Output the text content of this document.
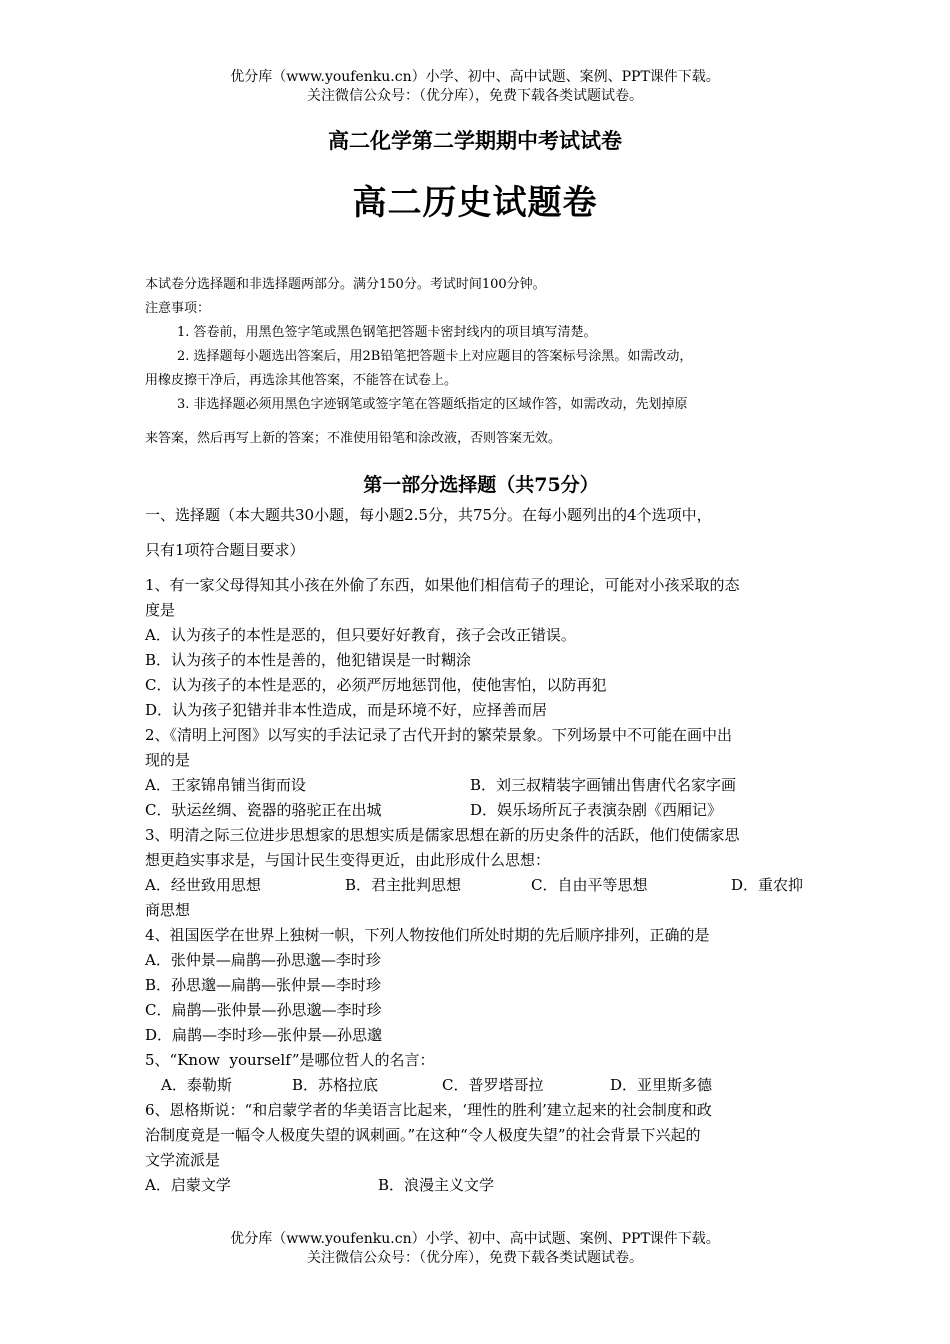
优分库（www.youfenku.cn）小学、初中、高中试题、案例、PPT课件下载。
关注微信公众号：（优分库），免费下载各类试题试卷。
高二化学第二学期期中考试试卷
高二历史试题卷
本试卷分选择题和非选择题两部分。满分150分。考试时间100分钟。
注意事项：
1. 答卷前，用黑色签字笔或黑色钢笔把答题卡密封线内的项目填写清楚。
2. 选择题每小题选出答案后，用2B铅笔把答题卡上对应题目的答案标号涂黑。如需改动，
用橡皮擦干净后，再选涂其他答案，不能答在试卷上。
3. 非选择题必须用黑色字迹钢笔或签字笔在答题纸指定的区域作答，如需改动，先划掉原
来答案，然后再写上新的答案；不准使用铅笔和涂改液，否则答案无效。
第一部分选择题（共75分）
一、选择题（本大题共30小题，每小题2.5分，共75分。在每小题列出的4个选项中，
只有1项符合题目要求）
1、有一家父母得知其小孩在外偷了东西，如果他们相信荀子的理论，可能对小孩采取的态
度是
A．认为孩子的本性是恶的，但只要好好教育，孩子会改正错误。
B．认为孩子的本性是善的，他犯错误是一时糊涂
C．认为孩子的本性是恶的，必须严厉地惩罚他，使他害怕，以防再犯
D．认为孩子犯错并非本性造成，而是环境不好，应择善而居
2、《清明上河图》以写实的手法记录了古代开封的繁荣景象。下列场景中不可能在画中出
现的是
A．王家锦帛铺当街而设	B．刘三叔精装字画铺出售唐代名家字画
C．驮运丝绸、瓷器的骆驼正在出城	D．娱乐场所瓦子表演杂剧《西厢记》
3、明清之际三位进步思想家的思想实质是儒家思想在新的历史条件的活跃，他们使儒家思
想更趋实事求是，与国计民生变得更近，由此形成什么思想：
A．经世致用思想	B．君主批判思想	C．自由平等思想	D．重农抑
商思想
4、祖国医学在世界上独树一帜，下列人物按他们所处时期的先后顺序排列，正确的是
A．张仲景—扁鹊—孙思邈—李时珍
B．孙思邈—扁鹊—张仲景—李时珍
C．扁鹊—张仲景—孙思邈—李时珍
D．扁鹊—李时珍—张仲景—孙思邈
5、“Know  yourself”是哪位哲人的名言：
A．泰勒斯	B．苏格拉底	C．普罗塔哥拉	D．亚里斯多德
6、恩格斯说：“和启蒙学者的华美语言比起来，‘理性的胜利’建立起来的社会制度和政
治制度竟是一幅令人极度失望的讽刺画。”在这种“令人极度失望”的社会背景下兴起的
文学流派是
A．启蒙文学	B．浪漫主义文学
优分库（www.youfenku.cn）小学、初中、高中试题、案例、PPT课件下载。
关注微信公众号：（优分库），免费下载各类试题试卷。
